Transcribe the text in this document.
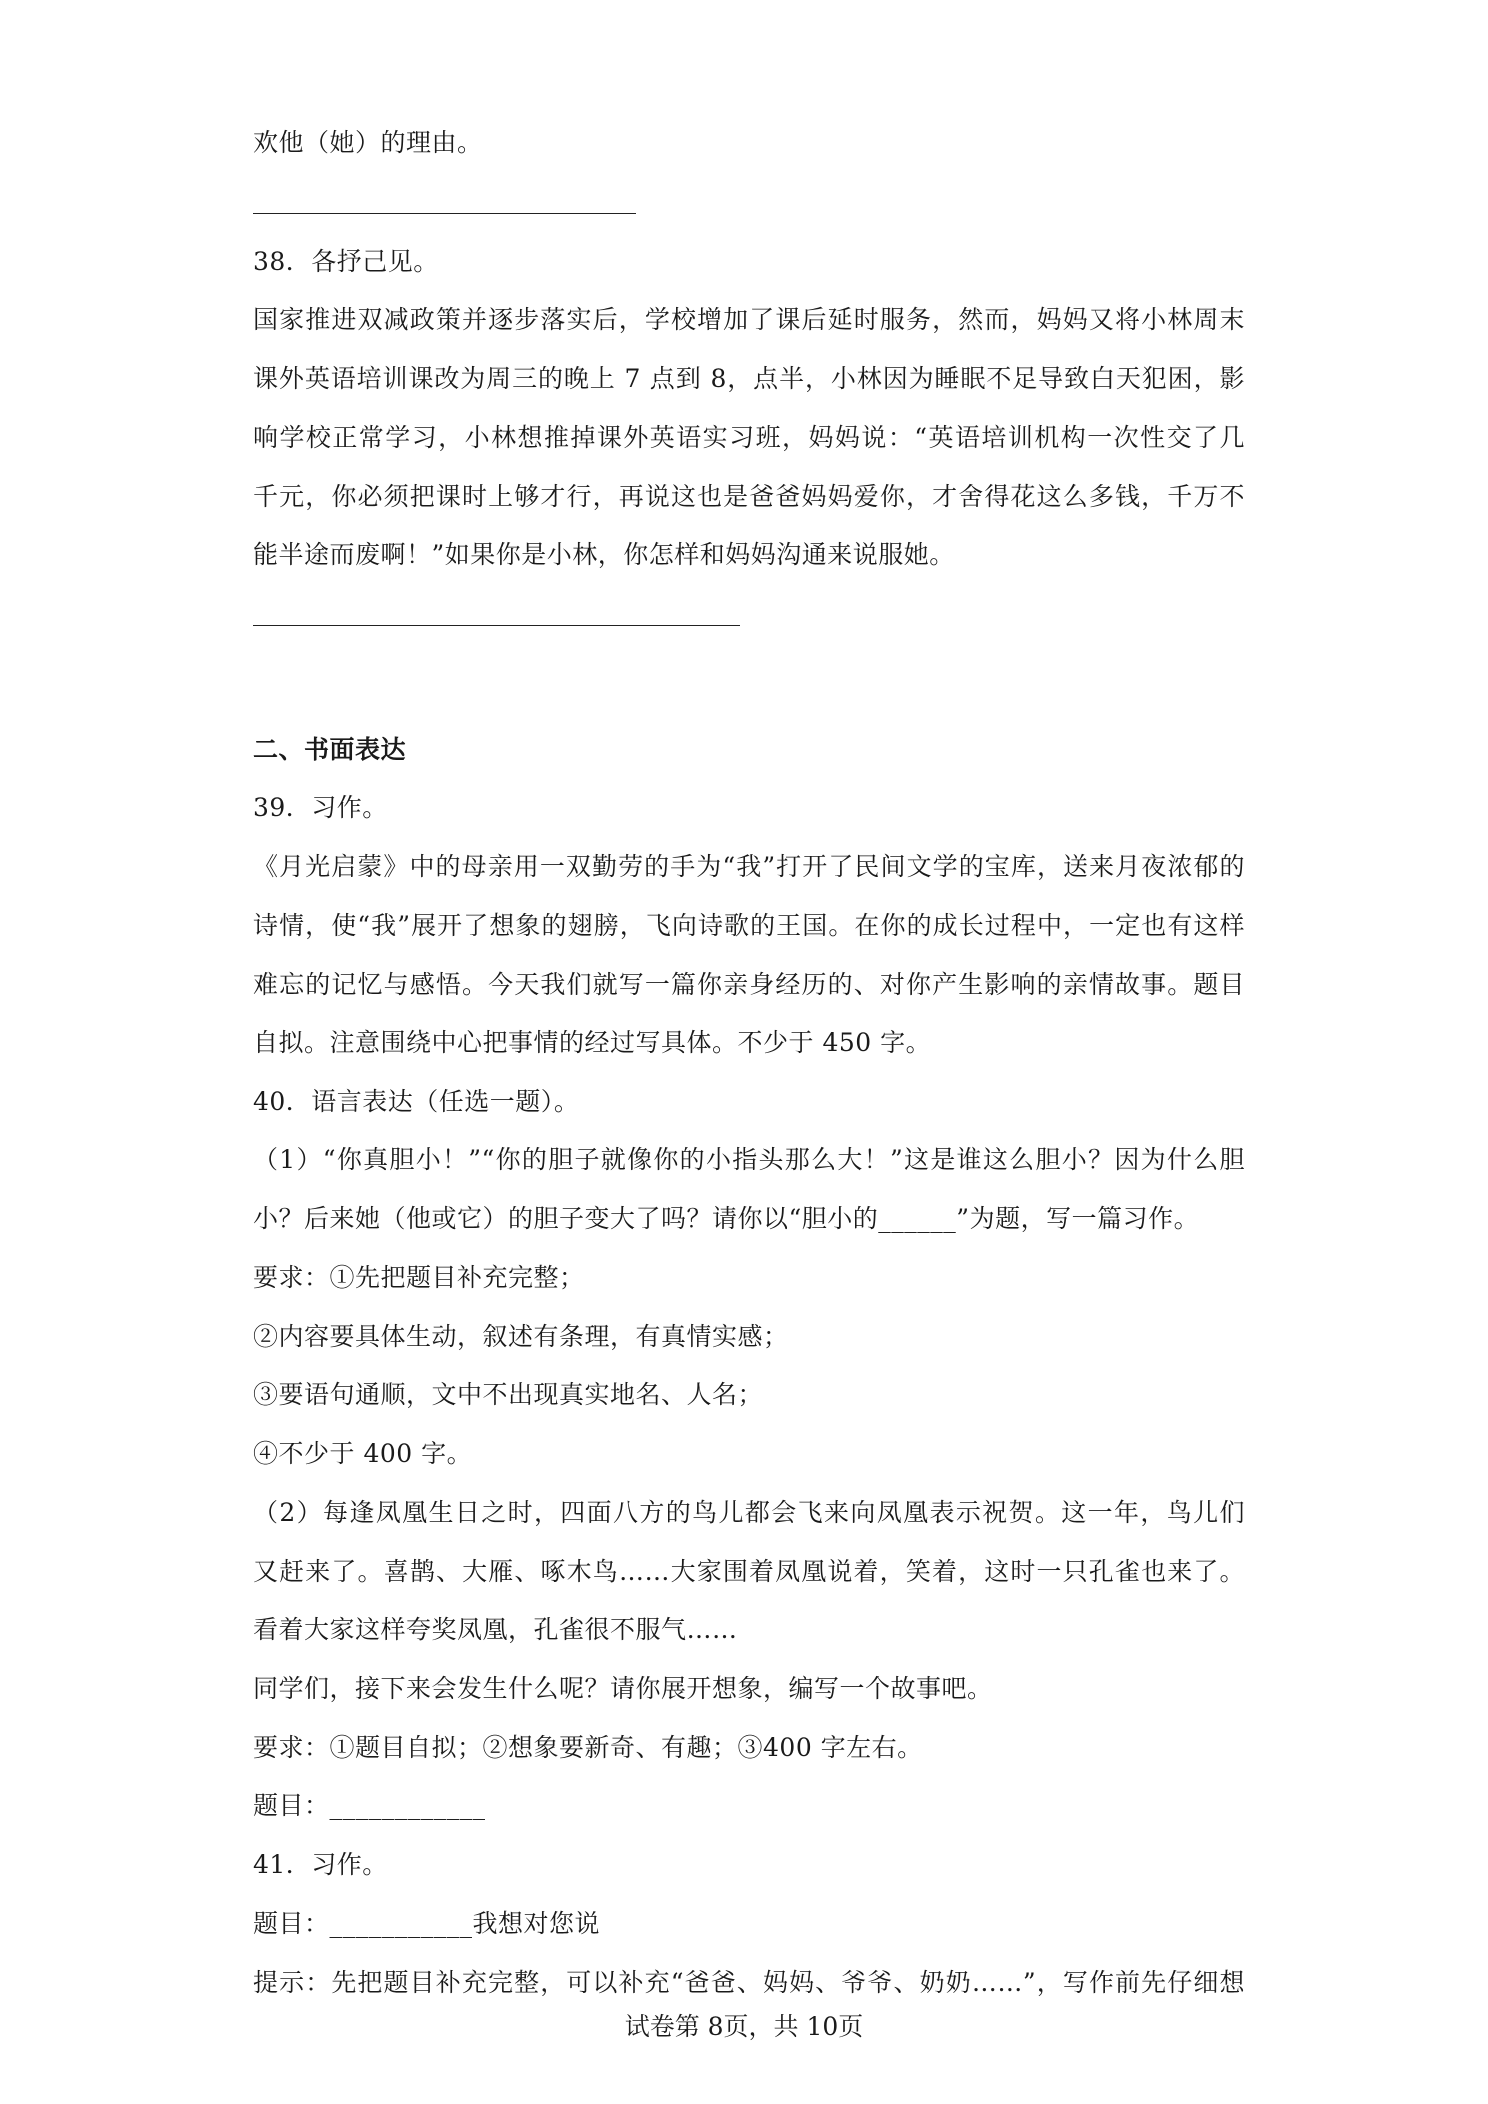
欢他（她）的理由。
38．各抒己见。
国家推进双减政策并逐步落实后，学校增加了课后延时服务，然而，妈妈又将小林周末
课外英语培训课改为周三的晚上 7 点到 8，点半，小林因为睡眠不足导致白天犯困，影
响学校正常学习，小林想推掉课外英语实习班，妈妈说：“英语培训机构一次性交了几
千元，你必须把课时上够才行，再说这也是爸爸妈妈爱你，才舍得花这么多钱，千万不
能半途而废啊！”如果你是小林，你怎样和妈妈沟通来说服她。
二、书面表达
39．习作。
《月光启蒙》中的母亲用一双勤劳的手为“我”打开了民间文学的宝库，送来月夜浓郁的
诗情，使“我”展开了想象的翅膀，飞向诗歌的王国。在你的成长过程中，一定也有这样
难忘的记忆与感悟。今天我们就写一篇你亲身经历的、对你产生影响的亲情故事。题目
自拟。注意围绕中心把事情的经过写具体。不少于 450 字。
40．语言表达（任选一题）。
（1）“你真胆小！”“你的胆子就像你的小指头那么大！”这是谁这么胆小？因为什么胆
小？后来她（他或它）的胆子变大了吗？请你以“胆小的______”为题，写一篇习作。
要求：①先把题目补充完整；
②内容要具体生动，叙述有条理，有真情实感；
③要语句通顺，文中不出现真实地名、人名；
④不少于 400 字。
（2）每逢凤凰生日之时，四面八方的鸟儿都会飞来向凤凰表示祝贺。这一年，鸟儿们
又赶来了。喜鹊、大雁、啄木鸟……大家围着凤凰说着，笑着，这时一只孔雀也来了。
看着大家这样夸奖凤凰，孔雀很不服气……
同学们，接下来会发生什么呢？请你展开想象，编写一个故事吧。
要求：①题目自拟；②想象要新奇、有趣；③400 字左右。
题目：____________
41．习作。
题目：___________我想对您说
提示：先把题目补充完整，可以补充“爸爸、妈妈、爷爷、奶奶……”，写作前先仔细想
试卷第 8页，共 10页
